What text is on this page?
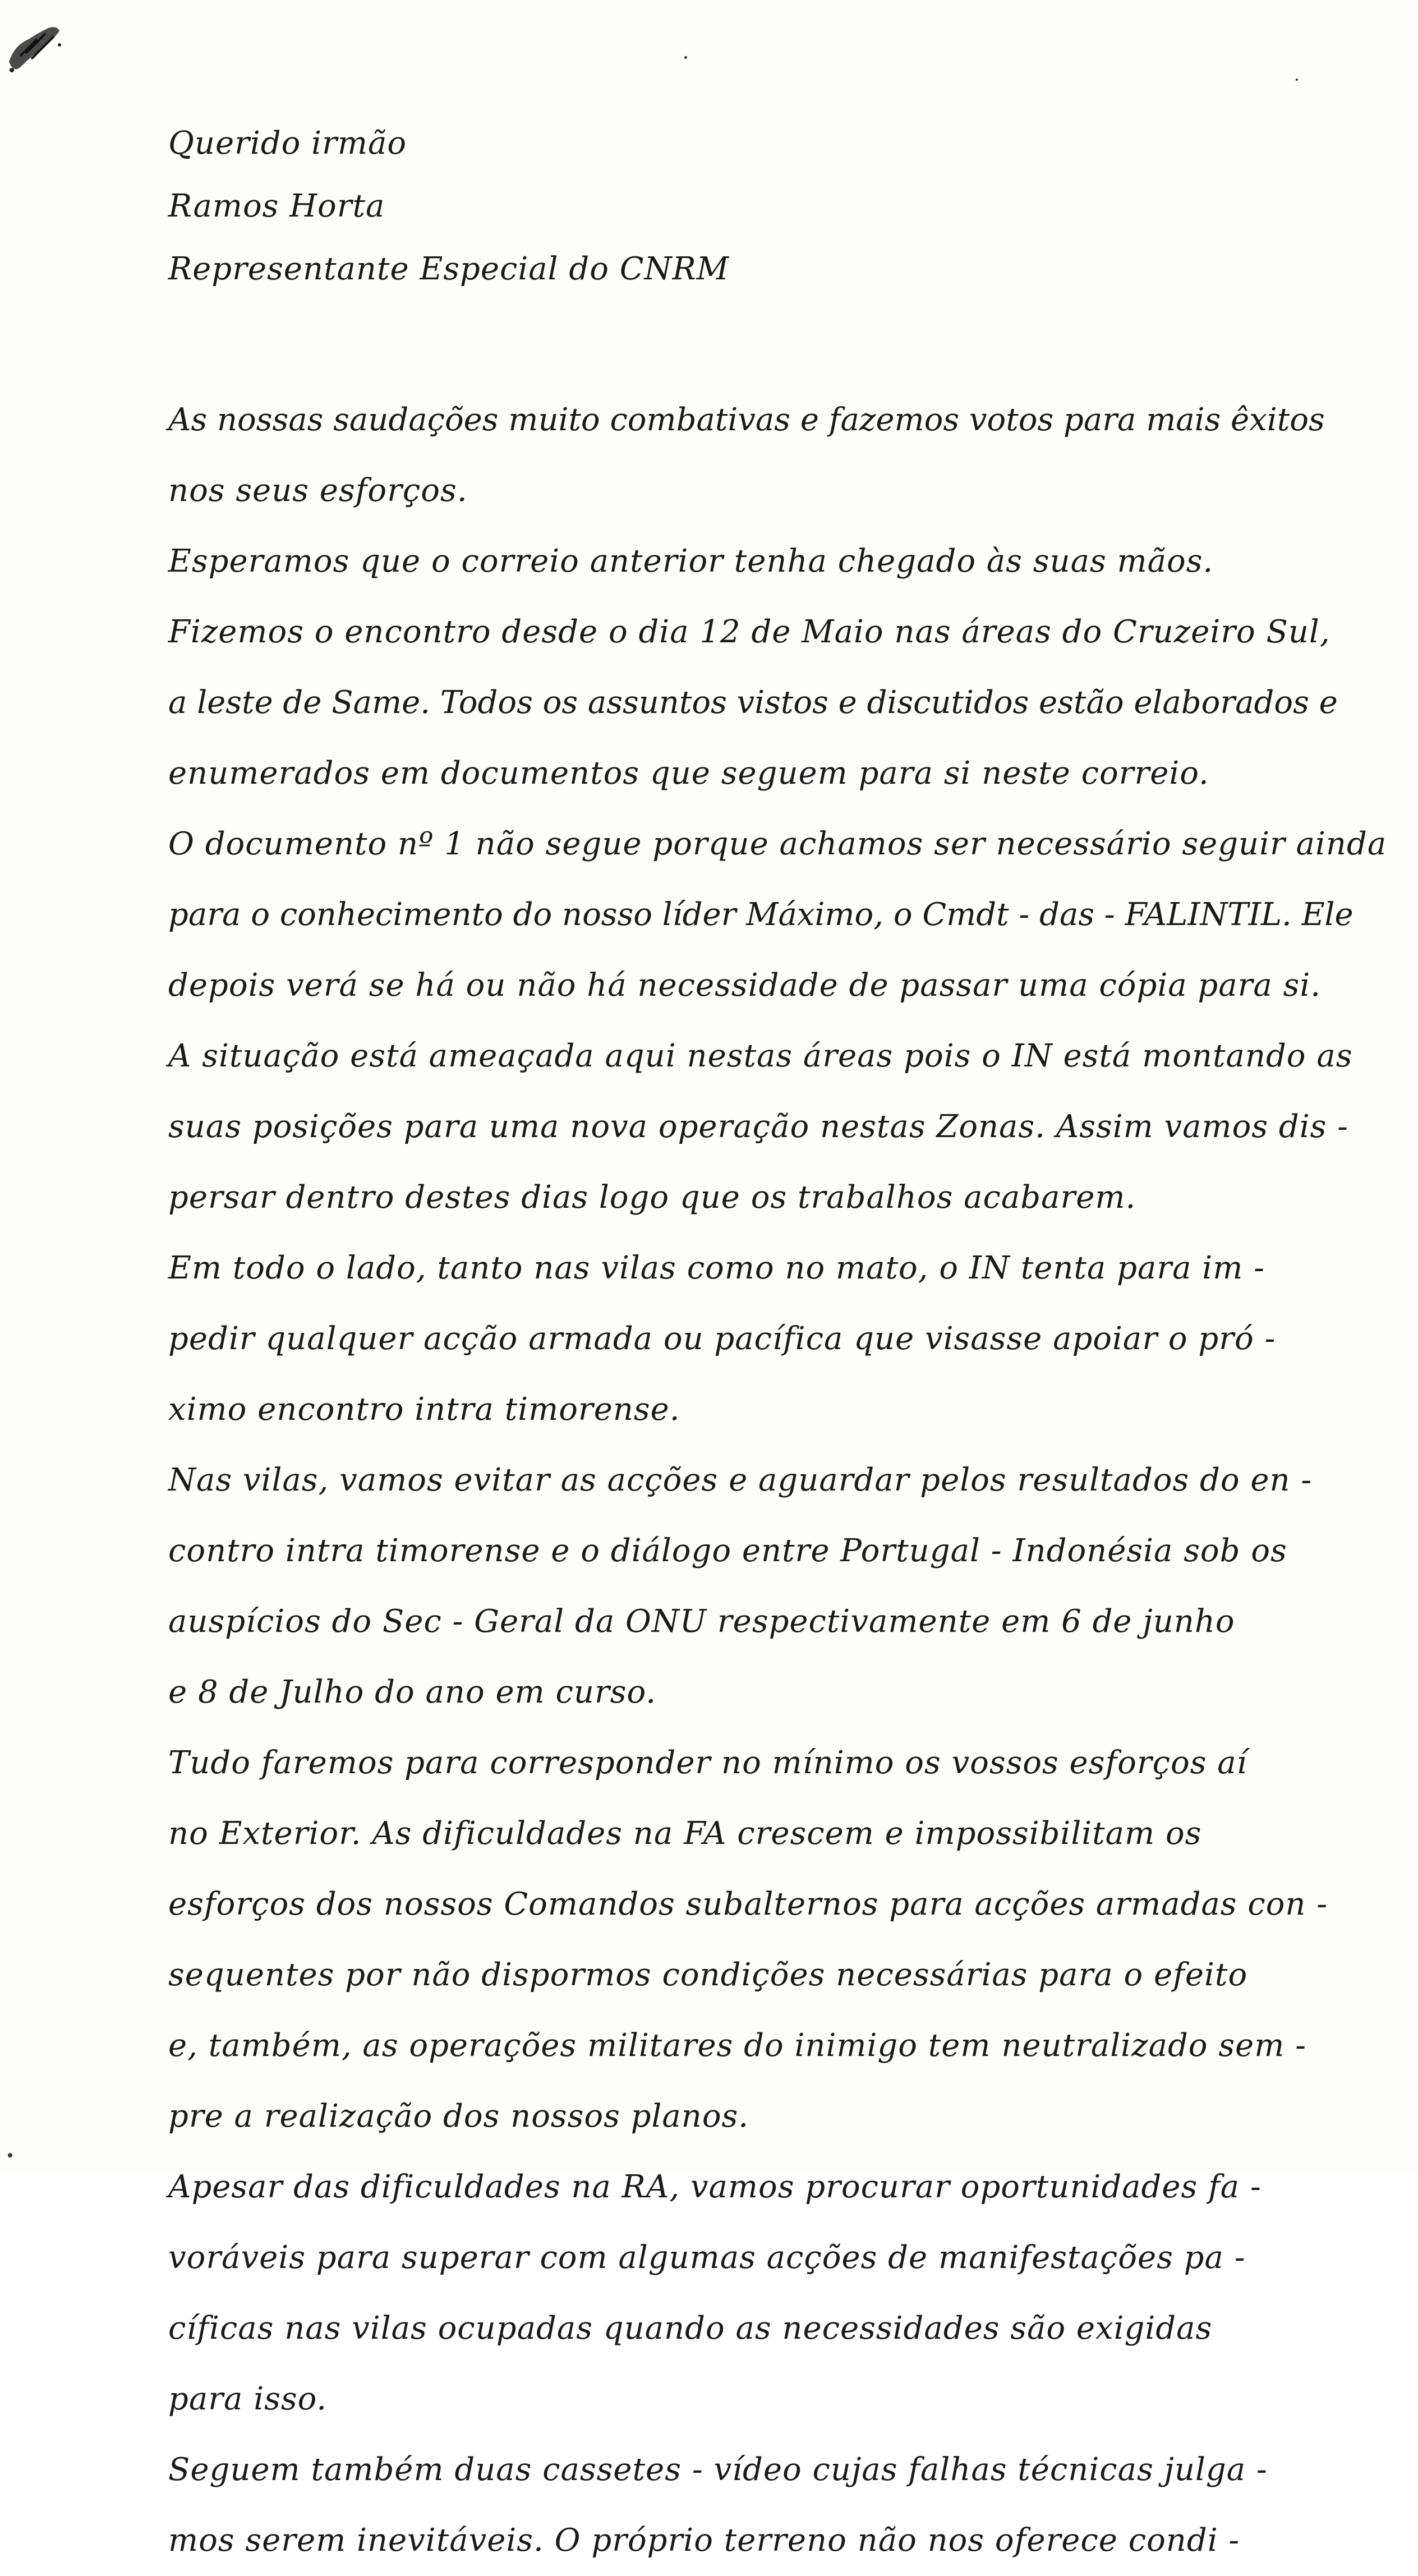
Querido irmão
Ramos Horta
Representante Especial do CNRM
As nossas saudações muito combativas e fazemos votos para mais êxitos
nos seus esforços.
Esperamos que o correio anterior tenha chegado às suas mãos.
Fizemos o encontro desde o dia 12 de Maio nas áreas do Cruzeiro Sul,
a leste de Same. Todos os assuntos vistos e discutidos estão elaborados e
enumerados em documentos que seguem para si neste correio.
O documento nº 1 não segue porque achamos ser necessário seguir ainda
para o conhecimento do nosso líder Máximo, o Cmdt - das - FALINTIL. Ele
depois verá se há ou não há necessidade de passar uma cópia para si.
A situação está ameaçada aqui nestas áreas pois o IN está montando as
suas posições para uma nova operação nestas Zonas. Assim vamos dis -
persar dentro destes dias logo que os trabalhos acabarem.
Em todo o lado, tanto nas vilas como no mato, o IN tenta para im -
pedir qualquer acção armada ou pacífica que visasse apoiar o pró -
ximo encontro intra timorense.
Nas vilas, vamos evitar as acções e aguardar pelos resultados do en -
contro intra timorense e o diálogo entre Portugal - Indonésia sob os
auspícios do Sec - Geral da ONU respectivamente em 6 de junho
e 8 de Julho do ano em curso.
Tudo faremos para corresponder no mínimo os vossos esforços aí
no Exterior. As dificuldades na FA crescem e impossibilitam os
esforços dos nossos Comandos subalternos para acções armadas con -
sequentes por não dispormos condições necessárias para o efeito
e, também, as operações militares do inimigo tem neutralizado sem -
pre a realização dos nossos planos.
Apesar das dificuldades na RA, vamos procurar oportunidades fa -
voráveis para superar com algumas acções de manifestações pa -
cíficas nas vilas ocupadas quando as necessidades são exigidas
para isso.
Seguem também duas cassetes - vídeo cujas falhas técnicas julga -
mos serem inevitáveis. O próprio terreno não nos oferece condi -
